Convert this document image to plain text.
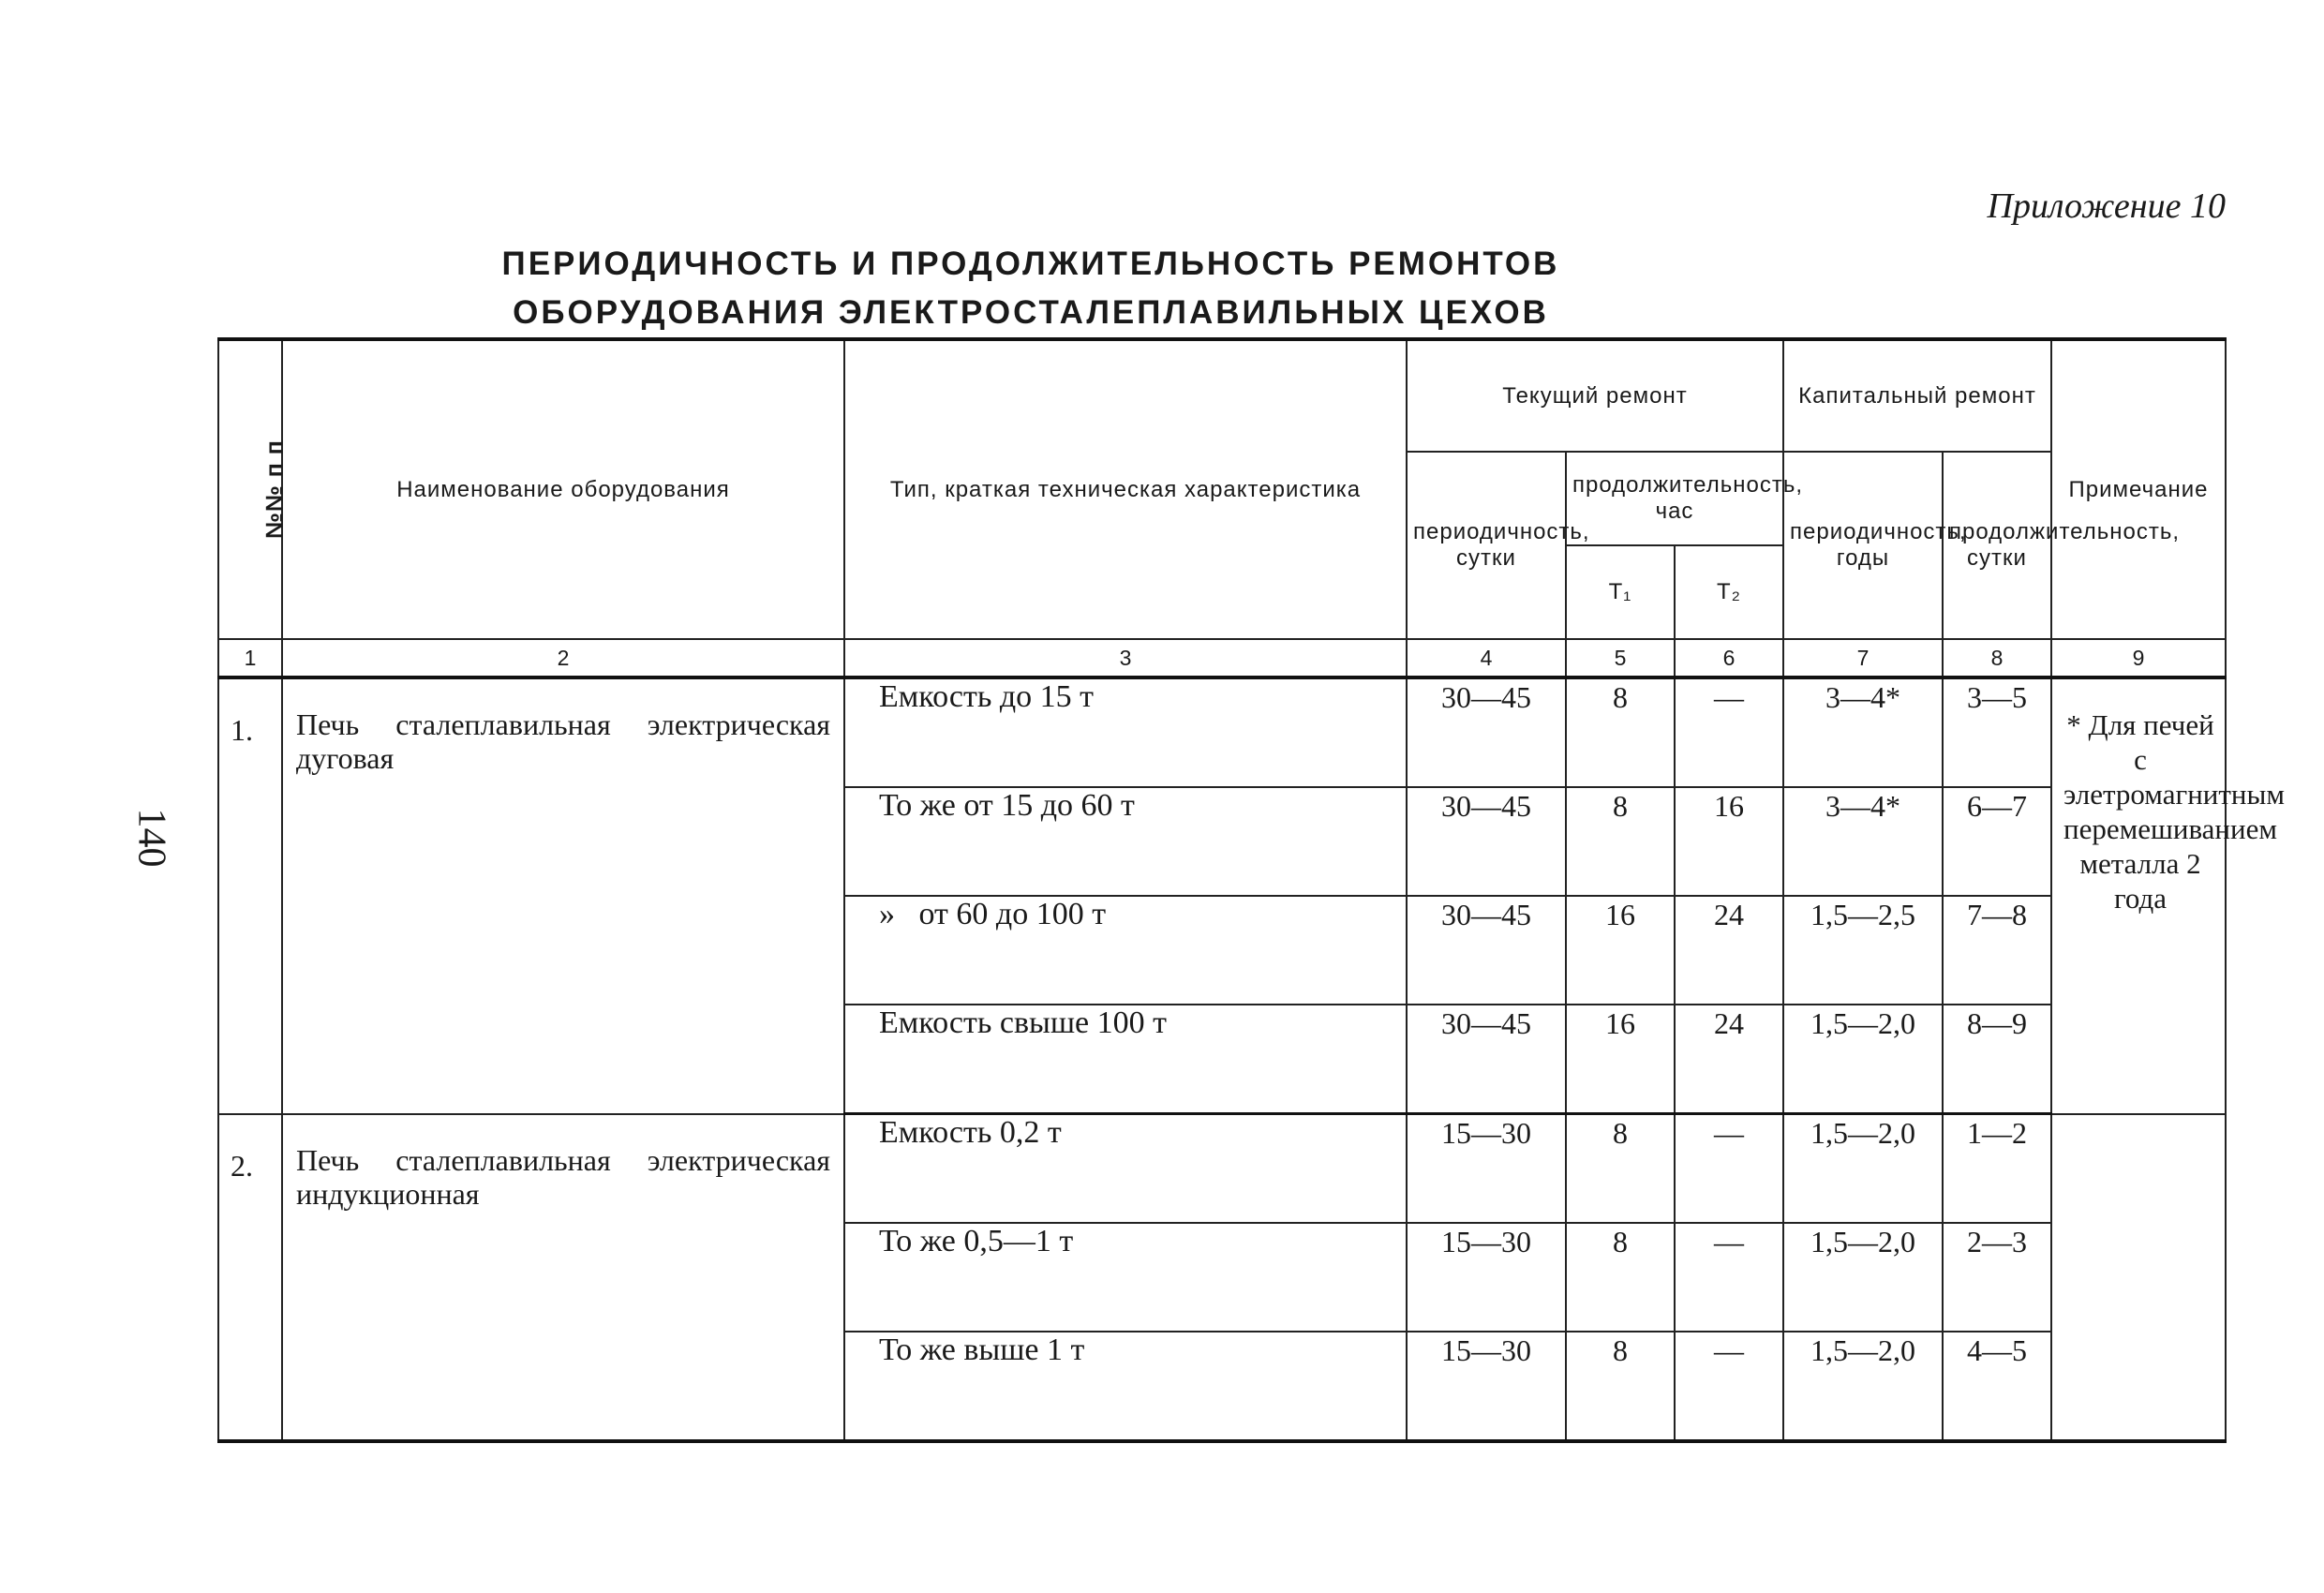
Приложение 10
ПЕРИОДИЧНОСТЬ И ПРОДОЛЖИТЕЛЬНОСТЬ РЕМОНТОВ
ОБОРУДОВАНИЯ ЭЛЕКТРОСТАЛЕПЛАВИЛЬНЫХ ЦЕХОВ
140
№№ п п	Наименование оборудования	Тип, краткая техническая характеристика	Текущий ремонт			Капитальный ремонт		Примечание
			периодичность, сутки	продолжительность, час		периодичность, годы	продолжительность, сутки	
				Т₁	Т₂			
1	2	3	4	5	6	7	8	9
1.	Печь сталеплавильная электрическая дуговая	Емкость до 15 т	30—45	8	—	3—4*	3—5	* Для печей с элетромагнитным перемешиванием металла 2 года
		То же от 15 до 60 т	30—45	8	16	3—4*	6—7	
		»   от 60 до 100 т	30—45	16	24	1,5—2,5	7—8	
		Емкость свыше 100 т	30—45	16	24	1,5—2,0	8—9	
2.	Печь сталеплавильная электрическая индукционная	Емкость 0,2 т	15—30	8	—	1,5—2,0	1—2	
		То же 0,5—1 т	15—30	8	—	1,5—2,0	2—3	
		То же выше 1 т	15—30	8	—	1,5—2,0	4—5	
